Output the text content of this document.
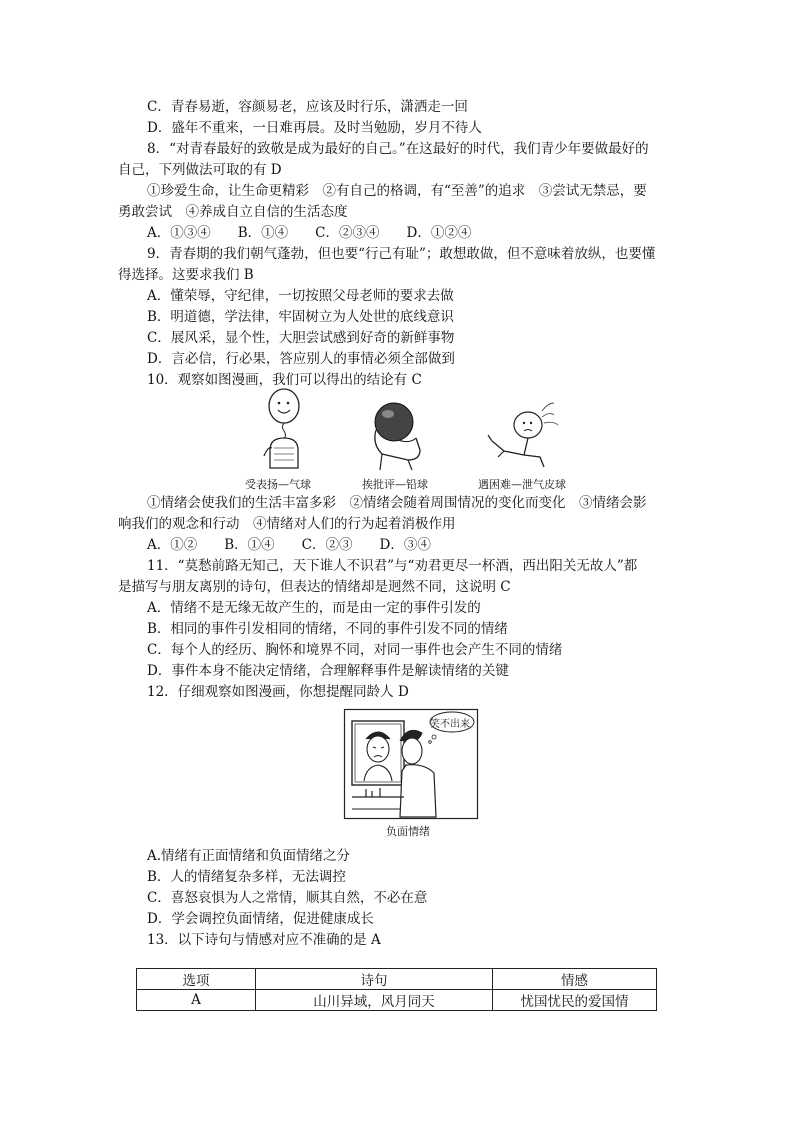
C．青春易逝，容颜易老，应该及时行乐，潇洒走一回
D．盛年不重来，一日难再晨。及时当勉励，岁月不待人
8．“对青春最好的致敬是成为最好的自己。”在这最好的时代，我们青少年要做最好的
自己，下列做法可取的有 D
①珍爱生命，让生命更精彩　②有自己的格调，有“至善”的追求　③尝试无禁忌，要
勇敢尝试　④养成自立自信的生活态度
A．①③④　　B．①④　　C．②③④　　D．①②④
9．青春期的我们朝气蓬勃，但也要“行己有耻”；敢想敢做，但不意味着放纵，也要懂
得选择。这要求我们 B
A．懂荣辱，守纪律，一切按照父母老师的要求去做
B．明道德，学法律，牢固树立为人处世的底线意识
C．展风采，显个性，大胆尝试感到好奇的新鲜事物
D．言必信，行必果，答应别人的事情必须全部做到
10．观察如图漫画，我们可以得出的结论有 C
受表扬—气球	挨批评—铅球	遇困难—泄气皮球
①情绪会使我们的生活丰富多彩　②情绪会随着周围情况的变化而变化　③情绪会影
响我们的观念和行动　④情绪对人们的行为起着消极作用
A．①②　　B．①④　　C．②③　　D．③④
11．“莫愁前路无知己，天下谁人不识君”与“劝君更尽一杯酒，西出阳关无故人”都
是描写与朋友离别的诗句，但表达的情绪却是迥然不同，这说明 C
A．情绪不是无缘无故产生的，而是由一定的事件引发的
B．相同的事件引发相同的情绪，不同的事件引发不同的情绪
C．每个人的经历、胸怀和境界不同，对同一事件也会产生不同的情绪
D．事件本身不能决定情绪，合理解释事件是解读情绪的关键
12．仔细观察如图漫画，你想提醒同龄人 D
笑不出来
负面情绪
A.情绪有正面情绪和负面情绪之分
B．人的情绪复杂多样，无法调控
C．喜怒哀惧为人之常情，顺其自然，不必在意
D．学会调控负面情绪，促进健康成长
13．以下诗句与情感对应不准确的是 A
选项	诗句	情感
A	山川异域，风月同天	忧国忧民的爱国情
